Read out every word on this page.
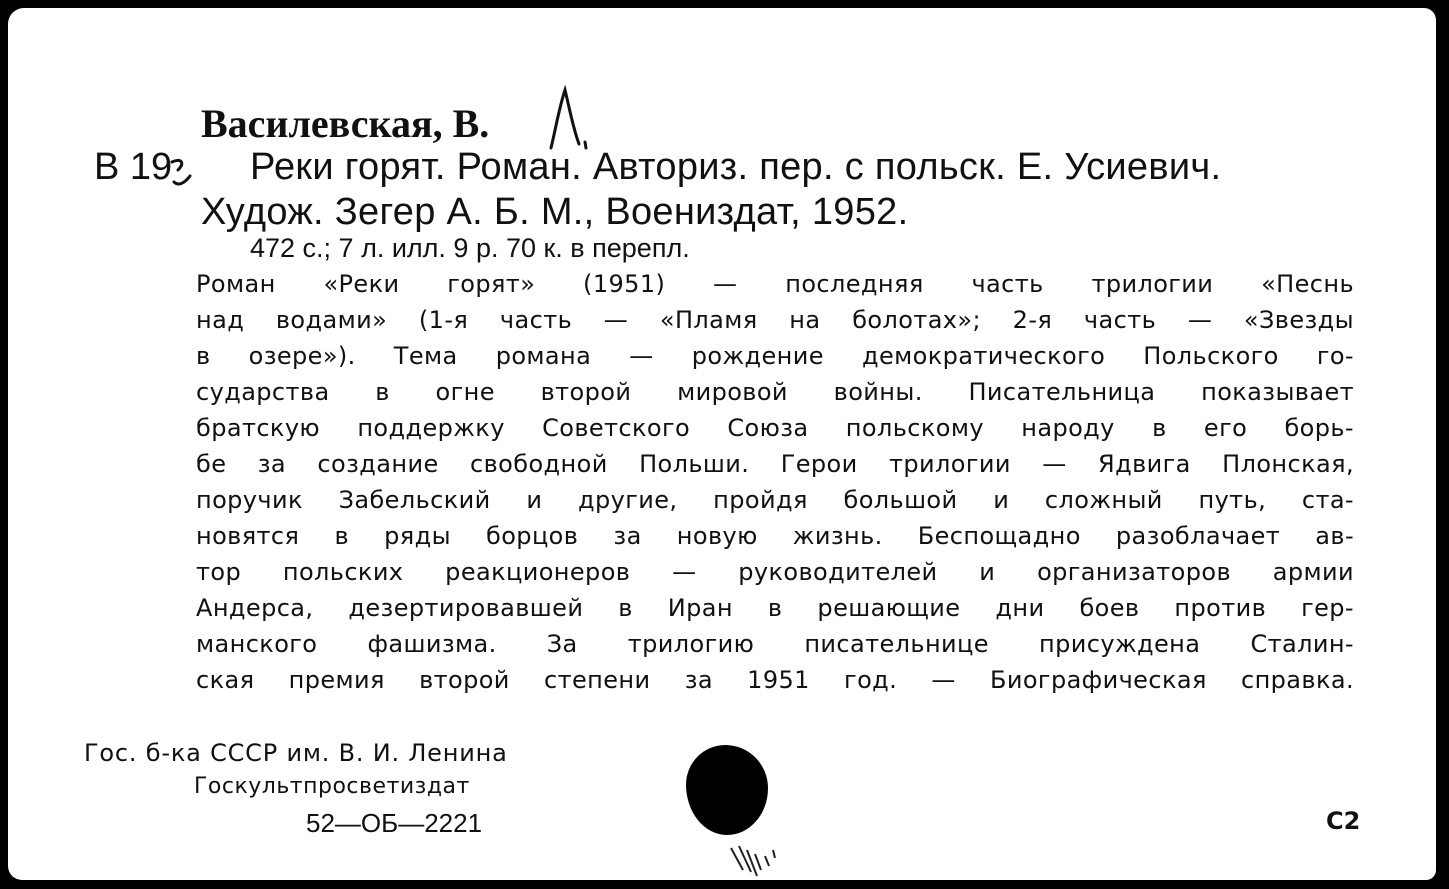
Василевская, В.
В 19 Реки горят. Роман. Авториз. пер. с польск. Е. Усиевич.
Худож. Зегер А. Б. М., Воениздат, 1952.
472 с.; 7 л. илл. 9 р. 70 к. в перепл.
Роман «Реки горят» (1951) — последняя часть трилогии «Песнь
над водами» (1-я часть — «Пламя на болотах»; 2-я часть — «Звезды
в озере»). Тема романа — рождение демократического Польского го-
сударства в огне второй мировой войны. Писательница показывает
братскую поддержку Советского Союза польскому народу в его борь-
бе за создание свободной Польши. Герои трилогии — Ядвига Плонская,
поручик Забельский и другие, пройдя большой и сложный путь, ста-
новятся в ряды борцов за новую жизнь. Беспощадно разоблачает ав-
тор польских реакционеров — руководителей и организаторов армии
Андерса, дезертировавшей в Иран в решающие дни боев против гер-
манского фашизма. За трилогию писательнице присуждена Сталин-
ская премия второй степени за 1951 год. — Биографическая справка.
Гос. б-ка СССР им. В. И. Ленина
Госкультпросветиздат
52—ОБ—2221	С2
